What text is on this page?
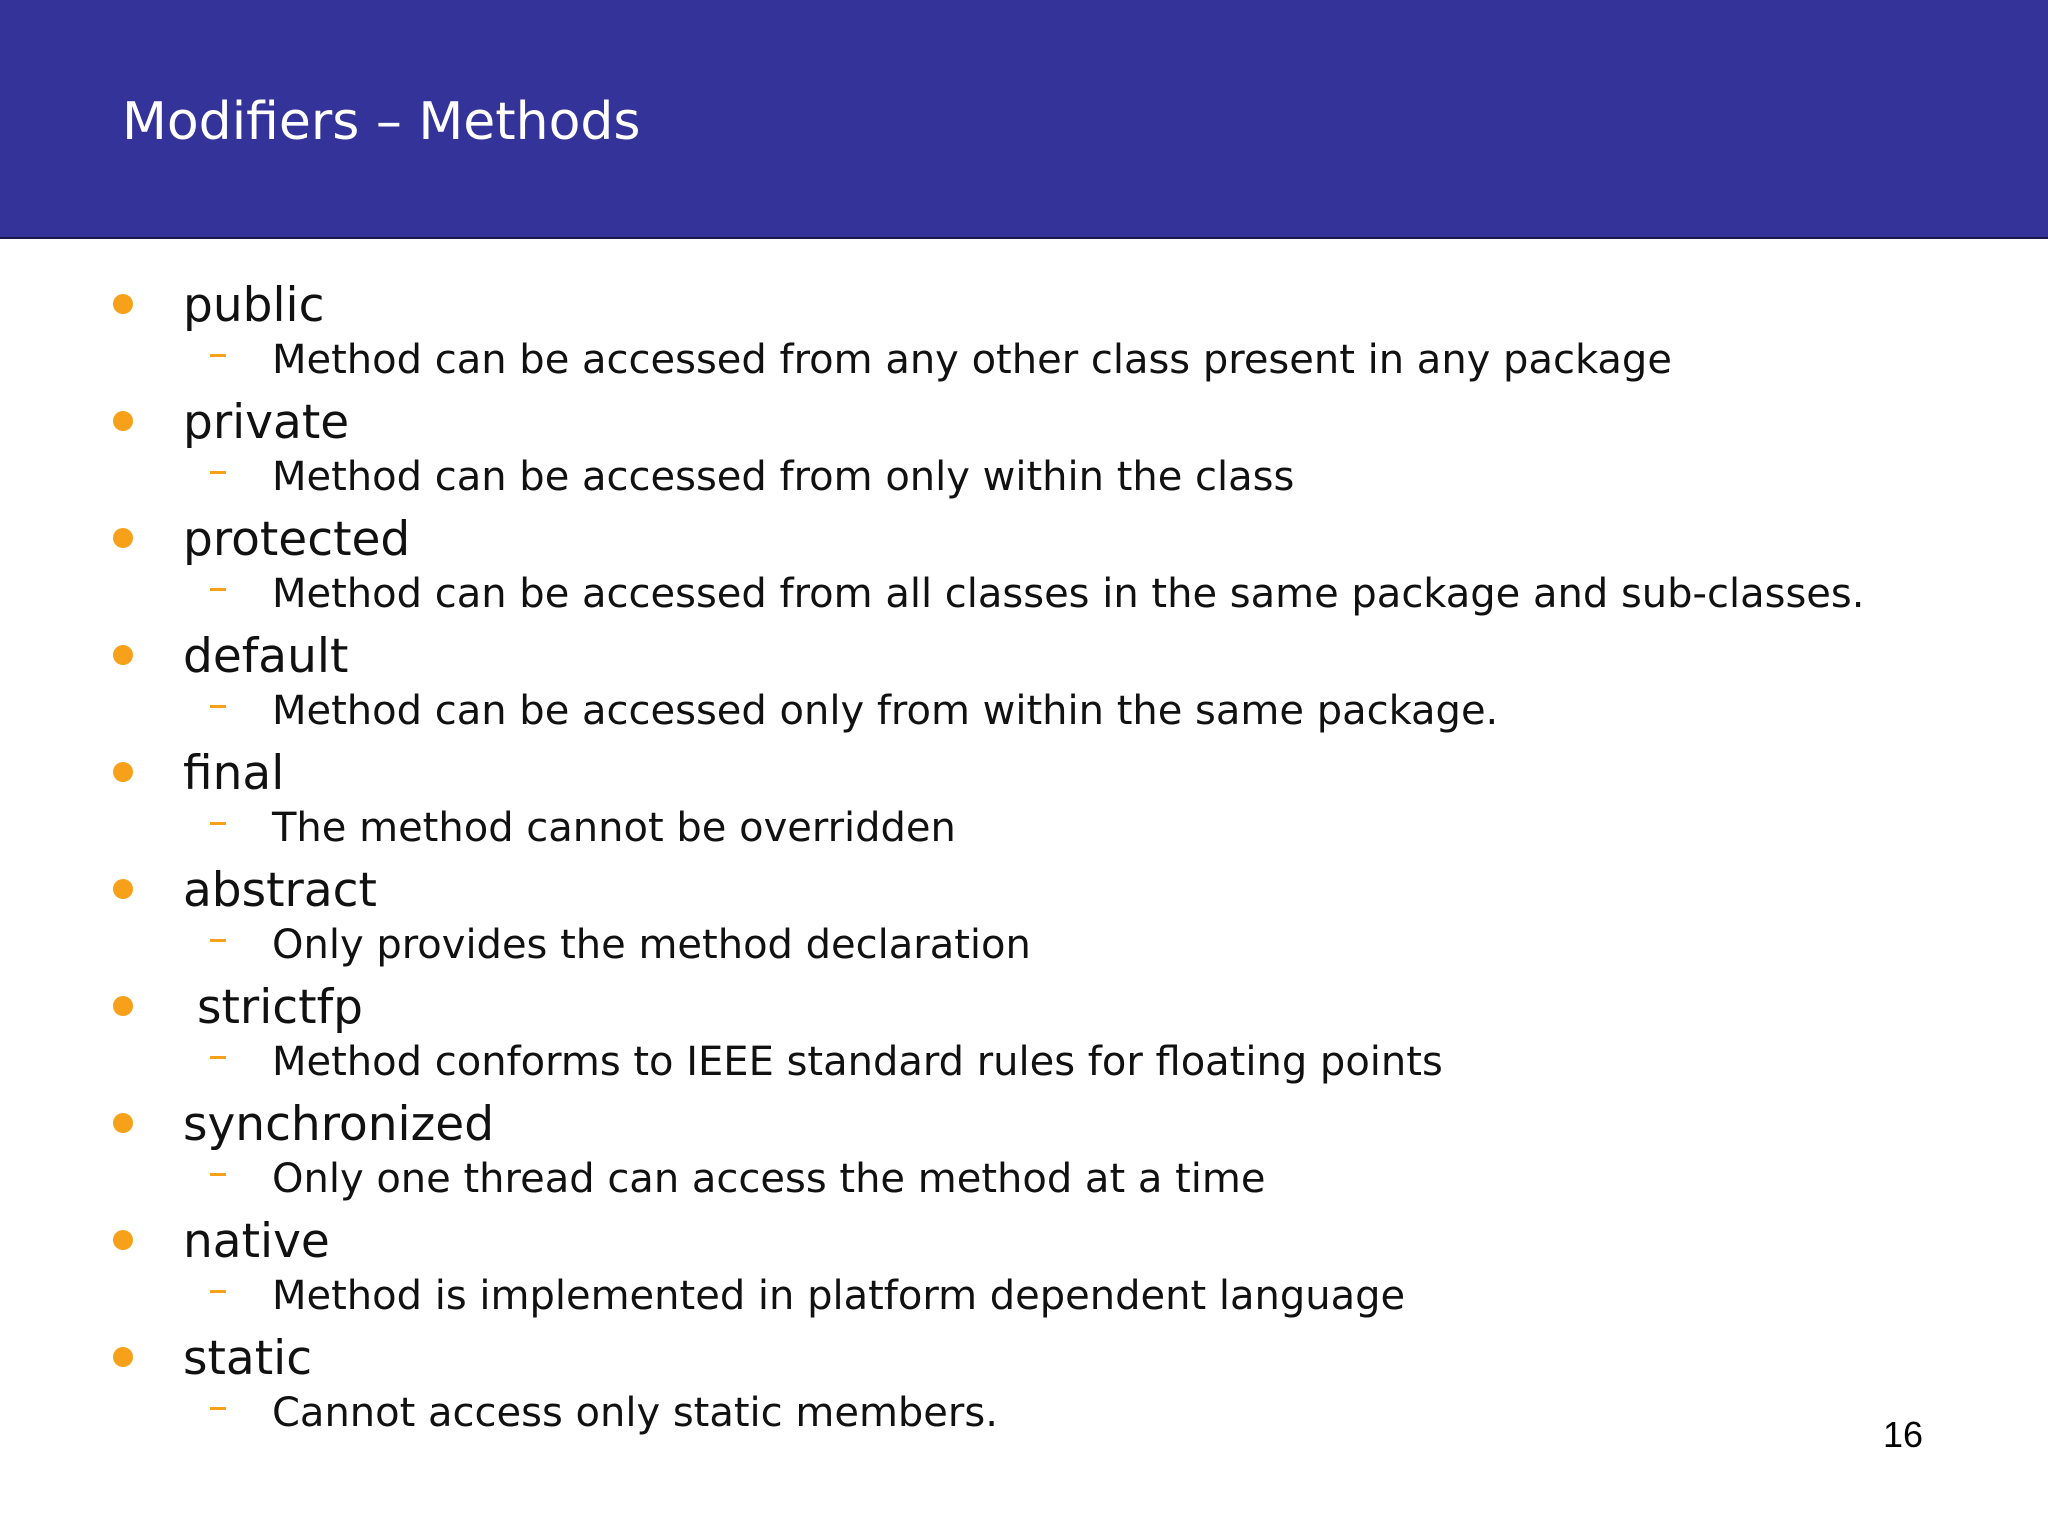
Modifiers – Methods
public
Method can be accessed from any other class present in any package
private
Method can be accessed from only within the class
protected
Method can be accessed from all classes in the same package and sub-classes.
default
Method can be accessed only from within the same package.
final
The method cannot be overridden
abstract
Only provides the method declaration
strictfp
Method conforms to IEEE standard rules for floating points
synchronized
Only one thread can access the method at a time
native
Method is implemented in platform dependent language
static
Cannot access only static members.	16
